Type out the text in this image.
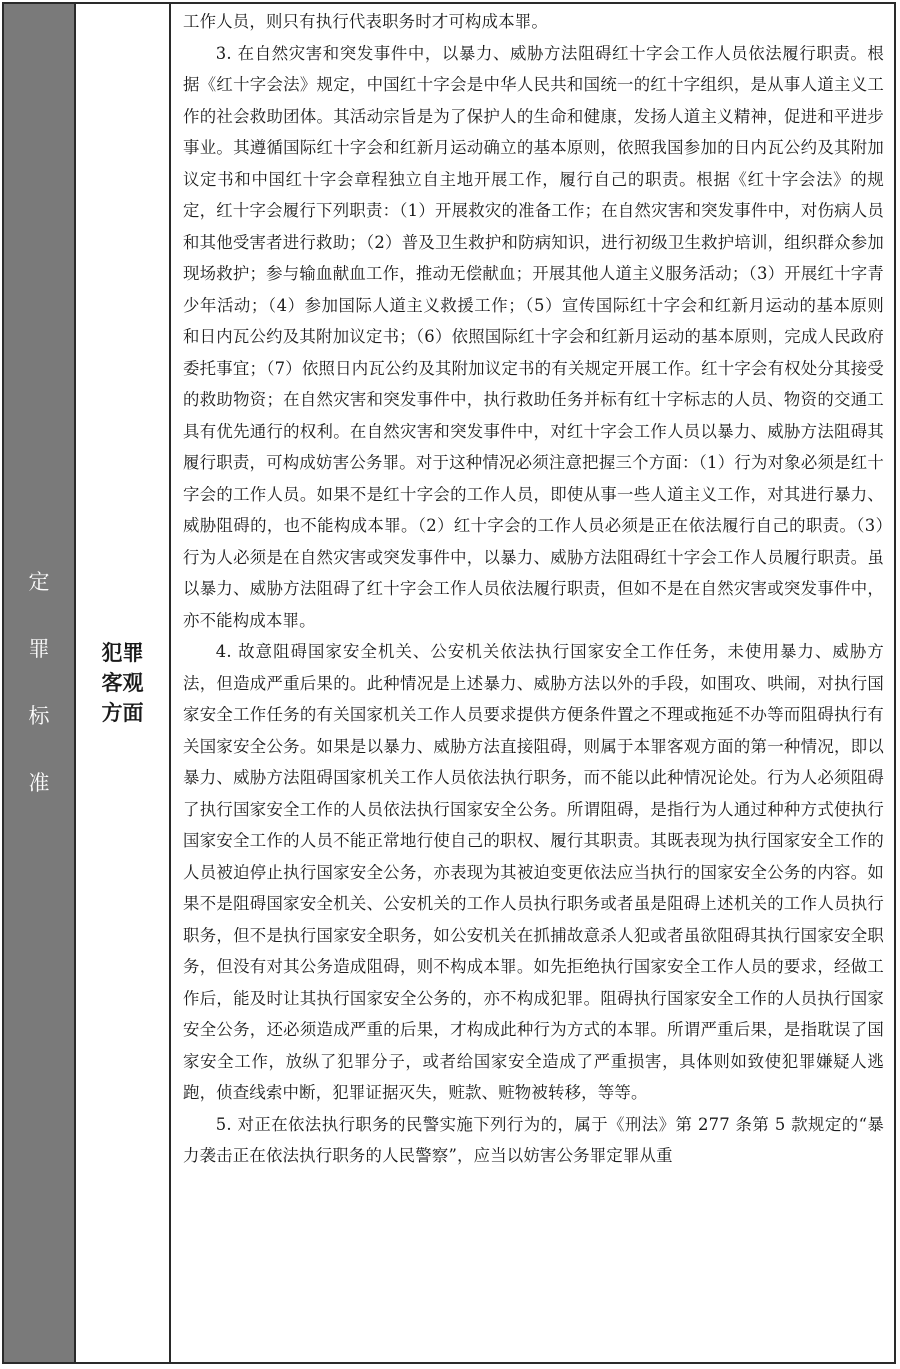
定
罪
标
准
犯罪
客观
方面

工作人员，则只有执行代表职务时才可构成本罪。

3. 在自然灾害和突发事件中，以暴力、威胁方法阻碍红十字会工作人员依法履行职责。根据《红十字会法》规定，中国红十字会是中华人民共和国统一的红十字组织，是从事人道主义工作的社会救助团体。其活动宗旨是为了保护人的生命和健康，发扬人道主义精神，促进和平进步事业。其遵循国际红十字会和红新月运动确立的基本原则，依照我国参加的日内瓦公约及其附加议定书和中国红十字会章程独立自主地开展工作，履行自己的职责。根据《红十字会法》的规定，红十字会履行下列职责：（1）开展救灾的准备工作；在自然灾害和突发事件中，对伤病人员和其他受害者进行救助；（2）普及卫生救护和防病知识，进行初级卫生救护培训，组织群众参加现场救护；参与输血献血工作，推动无偿献血；开展其他人道主义服务活动；（3）开展红十字青少年活动；（4）参加国际人道主义救援工作；（5）宣传国际红十字会和红新月运动的基本原则和日内瓦公约及其附加议定书；（6）依照国际红十字会和红新月运动的基本原则，完成人民政府委托事宜；（7）依照日内瓦公约及其附加议定书的有关规定开展工作。红十字会有权处分其接受的救助物资；在自然灾害和突发事件中，执行救助任务并标有红十字标志的人员、物资的交通工具有优先通行的权利。在自然灾害和突发事件中，对红十字会工作人员以暴力、威胁方法阻碍其履行职责，可构成妨害公务罪。对于这种情况必须注意把握三个方面：（1）行为对象必须是红十字会的工作人员。如果不是红十字会的工作人员，即使从事一些人道主义工作，对其进行暴力、威胁阻碍的，也不能构成本罪。（2）红十字会的工作人员必须是正在依法履行自己的职责。（3）行为人必须是在自然灾害或突发事件中，以暴力、威胁方法阻碍红十字会工作人员履行职责。虽以暴力、威胁方法阻碍了红十字会工作人员依法履行职责，但如不是在自然灾害或突发事件中，亦不能构成本罪。

4. 故意阻碍国家安全机关、公安机关依法执行国家安全工作任务，未使用暴力、威胁方法，但造成严重后果的。此种情况是上述暴力、威胁方法以外的手段，如围攻、哄闹，对执行国家安全工作任务的有关国家机关工作人员要求提供方便条件置之不理或拖延不办等而阻碍执行有关国家安全公务。如果是以暴力、威胁方法直接阻碍，则属于本罪客观方面的第一种情况，即以暴力、威胁方法阻碍国家机关工作人员依法执行职务，而不能以此种情况论处。行为人必须阻碍了执行国家安全工作的人员依法执行国家安全公务。所谓阻碍，是指行为人通过种种方式使执行国家安全工作的人员不能正常地行使自己的职权、履行其职责。其既表现为执行国家安全工作的人员被迫停止执行国家安全公务，亦表现为其被迫变更依法应当执行的国家安全公务的内容。如果不是阻碍国家安全机关、公安机关的工作人员执行职务或者虽是阻碍上述机关的工作人员执行职务，但不是执行国家安全职务，如公安机关在抓捕故意杀人犯或者虽欲阻碍其执行国家安全职务，但没有对其公务造成阻碍，则不构成本罪。如先拒绝执行国家安全工作人员的要求，经做工作后，能及时让其执行国家安全公务的，亦不构成犯罪。阻碍执行国家安全工作的人员执行国家安全公务，还必须造成严重的后果，才构成此种行为方式的本罪。所谓严重后果，是指耽误了国家安全工作，放纵了犯罪分子，或者给国家安全造成了严重损害，具体则如致使犯罪嫌疑人逃跑，侦查线索中断，犯罪证据灭失，赃款、赃物被转移，等等。

5. 对正在依法执行职务的民警实施下列行为的，属于《刑法》第 277 条第 5 款规定的“暴力袭击正在依法执行职务的人民警察”，应当以妨害公务罪定罪从重
